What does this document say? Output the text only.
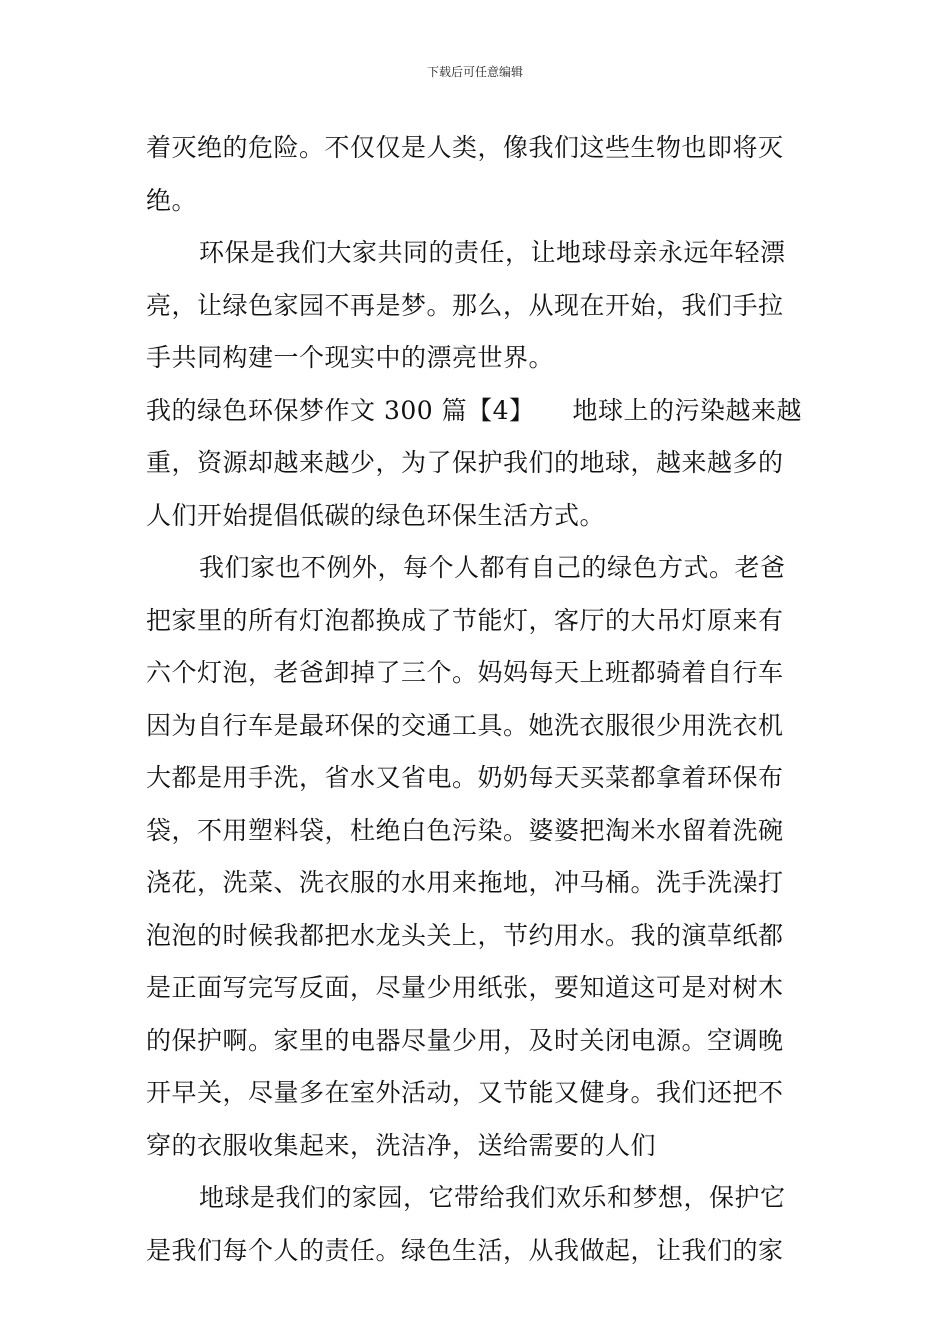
下载后可任意编辑
着灭绝的危险。不仅仅是人类，像我们这些生物也即将灭
绝。
环保是我们大家共同的责任，让地球母亲永远年轻漂
亮，让绿色家园不再是梦。那么，从现在开始，我们手拉
手共同构建一个现实中的漂亮世界。
我的绿色环保梦作文 300 篇【4】 地球上的污染越来越
重，资源却越来越少，为了保护我们的地球，越来越多的
人们开始提倡低碳的绿色环保生活方式。
我们家也不例外，每个人都有自己的绿色方式。老爸
把家里的所有灯泡都换成了节能灯，客厅的大吊灯原来有
六个灯泡，老爸卸掉了三个。妈妈每天上班都骑着自行车
因为自行车是最环保的交通工具。她洗衣服很少用洗衣机
大都是用手洗，省水又省电。奶奶每天买菜都拿着环保布
袋，不用塑料袋，杜绝白色污染。婆婆把淘米水留着洗碗
浇花，洗菜、洗衣服的水用来拖地，冲马桶。洗手洗澡打
泡泡的时候我都把水龙头关上，节约用水。我的演草纸都
是正面写完写反面，尽量少用纸张，要知道这可是对树木
的保护啊。家里的电器尽量少用，及时关闭电源。空调晚
开早关，尽量多在室外活动，又节能又健身。我们还把不
穿的衣服收集起来，洗洁净，送给需要的人们
地球是我们的家园，它带给我们欢乐和梦想，保护它
是我们每个人的责任。绿色生活，从我做起，让我们的家
